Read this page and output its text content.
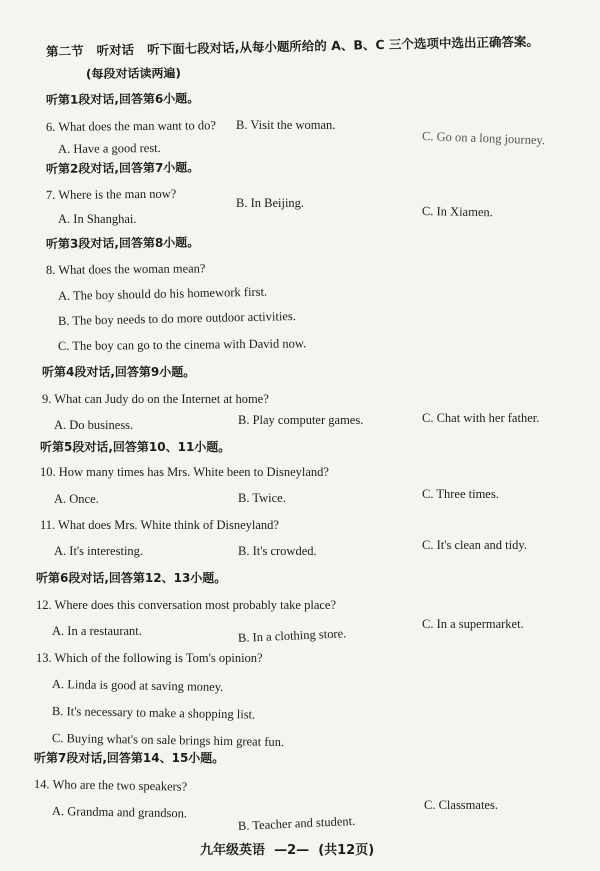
第二节 听对话 听下面七段对话,从每小题所给的 A、B、C 三个选项中选出正确答案。
(每段对话读两遍)
听第1段对话,回答第6小题。
6. What does the man want to do?
A. Have a good rest.
B. Visit the woman.
C. Go on a long journey.
听第2段对话,回答第7小题。
7. Where is the man now?
A. In Shanghai.
B. In Beijing.
C. In Xiamen.
听第3段对话,回答第8小题。
8. What does the woman mean?
A. The boy should do his homework first.
B. The boy needs to do more outdoor activities.
C. The boy can go to the cinema with David now.
听第4段对话,回答第9小题。
9. What can Judy do on the Internet at home?
A. Do business.	B. Play computer games.	C. Chat with her father.
听第5段对话,回答第10、11小题。
10. How many times has Mrs. White been to Disneyland?
A. Once.	B. Twice.	C. Three times.
11. What does Mrs. White think of Disneyland?
A. It's interesting.	B. It's crowded.	C. It's clean and tidy.
听第6段对话,回答第12、13小题。
12. Where does this conversation most probably take place?
A. In a restaurant.	B. In a clothing store.
C. In a supermarket.
13. Which of the following is Tom's opinion?
A. Linda is good at saving money.
B. It's necessary to make a shopping list.
C. Buying what's on sale brings him great fun.
听第7段对话,回答第14、15小题。
14. Who are the two speakers?
A. Grandma and grandson.
B. Teacher and student.
C. Classmates.
九年级英语 —2— (共12页)
